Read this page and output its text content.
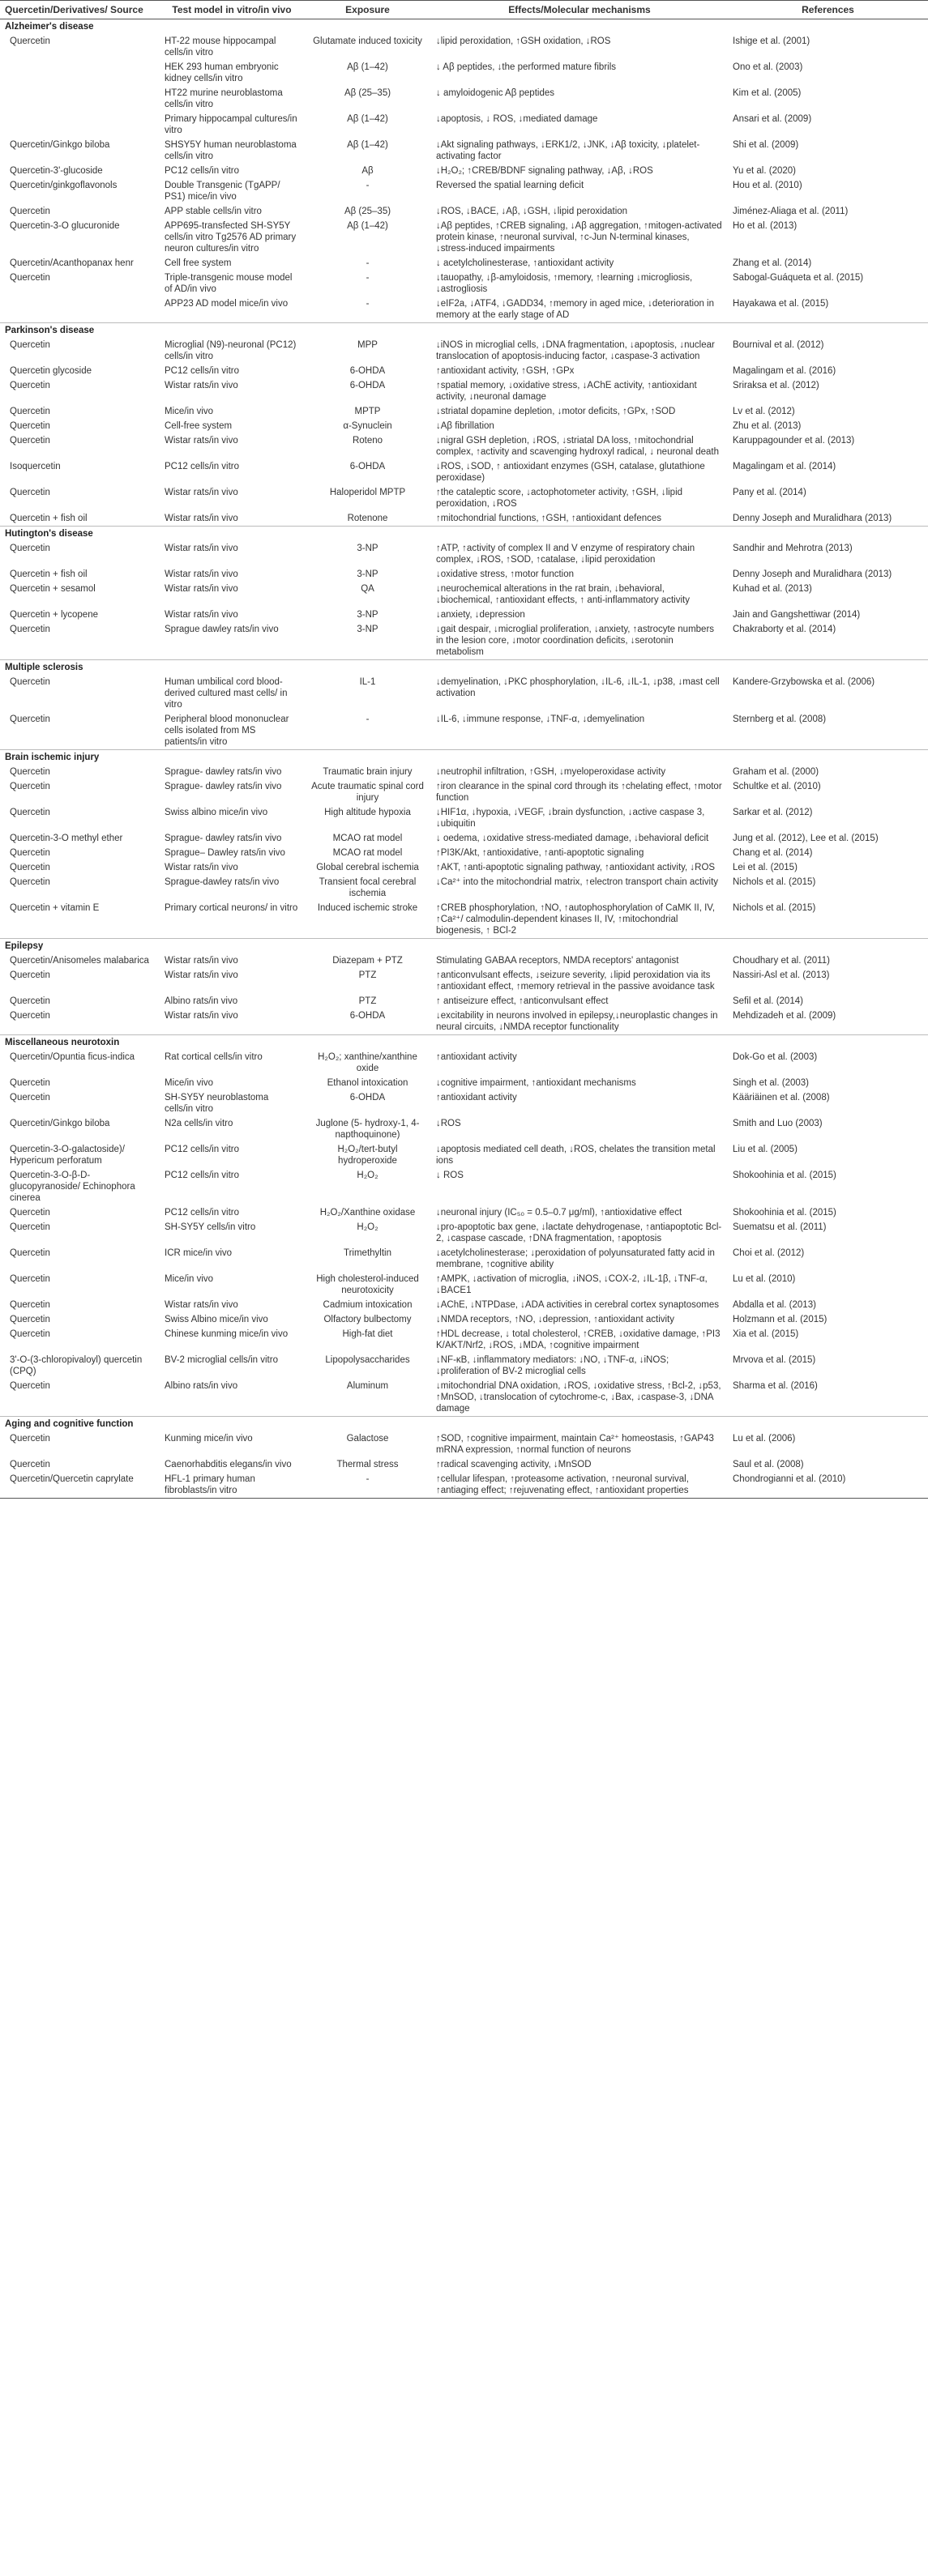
Quercetin/Derivatives/ Source	Test model in vitro/in vivo	Exposure	Effects/Molecular mechanisms	References
Alzheimer's disease				
Quercetin	HT-22 mouse hippocampal cells/in vitro	Glutamate induced toxicity	↓lipid peroxidation, ↑GSH oxidation, ↓ROS	Ishige et al. (2001)
	HEK 293 human embryonic kidney cells/in vitro	Aβ (1–42)	↓ Aβ peptides, ↓the performed mature fibrils	Ono et al. (2003)
	HT22 murine neuroblastoma cells/in vitro	Aβ (25–35)	↓ amyloidogenic Aβ peptides	Kim et al. (2005)
	Primary hippocampal cultures/in vitro	Aβ (1–42)	↓apoptosis, ↓ ROS, ↓mediated damage	Ansari et al. (2009)
Quercetin/Ginkgo biloba	SHSY5Y human neuroblastoma cells/in vitro	Aβ (1–42)	↓Akt signaling pathways, ↓ERK1/2, ↓JNK, ↓Aβ toxicity, ↓platelet-activating factor	Shi et al. (2009)
Quercetin-3'-glucoside	PC12 cells/in vitro	Aβ	↓H₂O₂; ↑CREB/BDNF signaling pathway, ↓Aβ, ↓ROS	Yu et al. (2020)
Quercetin/ginkgoflavonols	Double Transgenic (TgAPP/ PS1) mice/in vivo	-	Reversed the spatial learning deficit	Hou et al. (2010)
Quercetin	APP stable cells/in vitro	Aβ (25–35)	↓ROS, ↓BACE, ↓Aβ, ↓GSH, ↓lipid peroxidation	Jiménez-Aliaga et al. (2011)
Quercetin-3-O glucuronide	APP695-transfected SH-SY5Y cells/in vitro Tg2576 AD primary neuron cultures/in vitro	Aβ (1–42)	↓Aβ peptides, ↑CREB signaling, ↓Aβ aggregation, ↑mitogen-activated protein kinase, ↑neuronal survival, ↑c-Jun N-terminal kinases, ↓stress-induced impairments	Ho et al. (2013)
Quercetin/Acanthopanax henr	Cell free system	-	↓ acetylcholinesterase, ↑antioxidant activity	Zhang et al. (2014)
Quercetin	Triple-transgenic mouse model of AD/in vivo	-	↓tauopathy, ↓β-amyloidosis, ↑memory, ↑learning ↓microgliosis, ↓astrogliosis	Sabogal-Guáqueta et al. (2015)
	APP23 AD model mice/in vivo	-	↓eIF2a, ↓ATF4, ↓GADD34, ↑memory in aged mice, ↓deterioration in memory at the early stage of AD	Hayakawa et al. (2015)
Parkinson's disease				
Quercetin	Microglial (N9)-neuronal (PC12) cells/in vitro	MPP	↓iNOS in microglial cells, ↓DNA fragmentation, ↓apoptosis, ↓nuclear translocation of apoptosis-inducing factor, ↓caspase-3 activation	Bournival et al. (2012)
Quercetin glycoside	PC12 cells/in vitro	6-OHDA	↑antioxidant activity, ↑GSH, ↑GPx	Magalingam et al. (2016)
Quercetin	Wistar rats/in vivo	6-OHDA	↑spatial memory, ↓oxidative stress, ↓AChE activity, ↑antioxidant activity, ↓neuronal damage	Sriraksa et al. (2012)
Quercetin	Mice/in vivo	MPTP	↓striatal dopamine depletion, ↓motor deficits, ↑GPx, ↑SOD	Lv et al. (2012)
Quercetin	Cell-free system	α-Synuclein	↓Aβ fibrillation	Zhu et al. (2013)
Quercetin	Wistar rats/in vivo	Roteno	↓nigral GSH depletion, ↓ROS, ↓striatal DA loss, ↑mitochondrial complex, ↑activity and scavenging hydroxyl radical, ↓ neuronal death	Karuppagounder et al. (2013)
Isoquercetin	PC12 cells/in vitro	6-OHDA	↓ROS, ↓SOD, ↑ antioxidant enzymes (GSH, catalase, glutathione peroxidase)	Magalingam et al. (2014)
Quercetin	Wistar rats/in vivo	Haloperidol MPTP	↑the cataleptic score, ↓actophotometer activity, ↑GSH, ↓lipid peroxidation, ↓ROS	Pany et al. (2014)
Quercetin + fish oil	Wistar rats/in vivo	Rotenone	↑mitochondrial functions, ↑GSH, ↑antioxidant defences	Denny Joseph and Muralidhara (2013)
Hutington's disease				
Quercetin	Wistar rats/in vivo	3-NP	↑ATP, ↑activity of complex II and V enzyme of respiratory chain complex, ↓ROS, ↑SOD, ↑catalase, ↓lipid peroxidation	Sandhir and Mehrotra (2013)
Quercetin + fish oil	Wistar rats/in vivo	3-NP	↓oxidative stress, ↑motor function	Denny Joseph and Muralidhara (2013)
Quercetin + sesamol	Wistar rats/in vivo	QA	↓neurochemical alterations in the rat brain, ↓behavioral, ↓biochemical, ↑antioxidant effects, ↑ anti-inflammatory activity	Kuhad et al. (2013)
Quercetin + lycopene	Wistar rats/in vivo	3-NP	↓anxiety, ↓depression	Jain and Gangshettiwar (2014)
Quercetin	Sprague dawley rats/in vivo	3-NP	↓gait despair, ↓microglial proliferation, ↓anxiety, ↑astrocyte numbers in the lesion core, ↓motor coordination deficits, ↓serotonin metabolism	Chakraborty et al. (2014)
Multiple sclerosis				
Quercetin	Human umbilical cord blood-derived cultured mast cells/ in vitro	IL-1	↓demyelination, ↓PKC phosphorylation, ↓IL-6, ↓IL-1, ↓p38, ↓mast cell activation	Kandere-Grzybowska et al. (2006)
Quercetin	Peripheral blood mononuclear cells isolated from MS patients/in vitro	-	↓IL-6, ↓immune response, ↓TNF-α, ↓demyelination	Sternberg et al. (2008)
Brain ischemic injury				
Quercetin	Sprague- dawley rats/in vivo	Traumatic brain injury	↓neutrophil infiltration, ↑GSH, ↓myeloperoxidase activity	Graham et al. (2000)
Quercetin	Sprague- dawley rats/in vivo	Acute traumatic spinal cord injury	↑iron clearance in the spinal cord through its ↑chelating effect, ↑motor function	Schultke et al. (2010)
Quercetin	Swiss albino mice/in vivo	High altitude hypoxia	↓HIF1α, ↓hypoxia, ↓VEGF, ↓brain dysfunction, ↓active caspase 3, ↓ubiquitin	Sarkar et al. (2012)
Quercetin-3-O methyl ether	Sprague- dawley rats/in vivo	MCAO rat model	↓ oedema, ↓oxidative stress-mediated damage, ↓behavioral deficit	Jung et al. (2012), Lee et al. (2015)
Quercetin	Sprague– Dawley rats/in vivo	MCAO rat model	↑PI3K/Akt, ↑antioxidative, ↑anti-apoptotic signaling	Chang et al. (2014)
Quercetin	Wistar rats/in vivo	Global cerebral ischemia	↑AKT, ↑anti-apoptotic signaling pathway, ↑antioxidant activity, ↓ROS	Lei et al. (2015)
Quercetin	Sprague-dawley rats/in vivo	Transient focal cerebral ischemia	↓Ca²⁺ into the mitochondrial matrix, ↑electron transport chain activity	Nichols et al. (2015)
Quercetin + vitamin E	Primary cortical neurons/ in vitro	Induced ischemic stroke	↑CREB phosphorylation, ↑NO, ↑autophosphorylation of CaMK II, IV, ↑Ca²⁺/ calmodulin-dependent kinases II, IV, ↑mitochondrial biogenesis, ↑ BCl-2	Nichols et al. (2015)
Epilepsy				
Quercetin/Anisomeles malabarica	Wistar rats/in vivo	Diazepam + PTZ	Stimulating GABAA receptors, NMDA receptors' antagonist	Choudhary et al. (2011)
Quercetin	Wistar rats/in vivo	PTZ	↑anticonvulsant effects, ↓seizure severity, ↓lipid peroxidation via its ↑antioxidant effect, ↑memory retrieval in the passive avoidance task	Nassiri-Asl et al. (2013)
Quercetin	Albino rats/in vivo	PTZ	↑ antiseizure effect, ↑anticonvulsant effect	Sefil et al. (2014)
Quercetin	Wistar rats/in vivo	6-OHDA	↓excitability in neurons involved in epilepsy,↓neuroplastic changes in neural circuits, ↓NMDA receptor functionality	Mehdizadeh et al. (2009)
Miscellaneous neurotoxin				
Quercetin/Opuntia ficus-indica	Rat cortical cells/in vitro	H₂O₂; xanthine/xanthine oxide	↑antioxidant activity	Dok-Go et al. (2003)
Quercetin	Mice/in vivo	Ethanol intoxication	↓cognitive impairment, ↑antioxidant mechanisms	Singh et al. (2003)
Quercetin	SH-SY5Y neuroblastoma cells/in vitro	6-OHDA	↑antioxidant activity	Kääriäinen et al. (2008)
Quercetin/Ginkgo biloba	N2a cells/in vitro	Juglone (5- hydroxy-1, 4-napthoquinone)	↓ROS	Smith and Luo (2003)
Quercetin-3-O-galactoside)/ Hypericum perforatum	PC12 cells/in vitro	H₂O₂/tert-butyl hydroperoxide	↓apoptosis mediated cell death, ↓ROS, chelates the transition metal ions	Liu et al. (2005)
Quercetin-3-O-β-D-glucopyranoside/ Echinophora cinerea	PC12 cells/in vitro	H₂O₂	↓ ROS	Shokoohinia et al. (2015)
Quercetin	PC12 cells/in vitro	H₂O₂/Xanthine oxidase	↓neuronal injury (IC₅₀ = 0.5–0.7 μg/ml), ↑antioxidative effect	Shokoohinia et al. (2015)
Quercetin	SH-SY5Y cells/in vitro	H₂O₂	↓pro-apoptotic bax gene, ↓lactate dehydrogenase, ↑antiapoptotic Bcl-2, ↓caspase cascade, ↑DNA fragmentation, ↑apoptosis	Suematsu et al. (2011)
Quercetin	ICR mice/in vivo	Trimethyltin	↓acetylcholinesterase; ↓peroxidation of polyunsaturated fatty acid in membrane, ↑cognitive ability	Choi et al. (2012)
Quercetin	Mice/in vivo	High cholesterol-induced neurotoxicity	↑AMPK, ↓activation of microglia, ↓iNOS, ↓COX-2, ↓IL-1β, ↓TNF-α, ↓BACE1	Lu et al. (2010)
Quercetin	Wistar rats/in vivo	Cadmium intoxication	↓AChE, ↓NTPDase, ↓ADA activities in cerebral cortex synaptosomes	Abdalla et al. (2013)
Quercetin	Swiss Albino mice/in vivo	Olfactory bulbectomy	↓NMDA receptors, ↑NO, ↓depression, ↑antioxidant activity	Holzmann et al. (2015)
Quercetin	Chinese kunming mice/in vivo	High-fat diet	↑HDL decrease, ↓ total cholesterol, ↑CREB, ↓oxidative damage, ↑PI3 K/AKT/Nrf2, ↓ROS, ↓MDA, ↑cognitive impairment	Xia et al. (2015)
3'-O-(3-chloropivaloyl) quercetin (CPQ)	BV-2 microglial cells/in vitro	Lipopolysaccharides	↓NF-κB, ↓inflammatory mediators: ↓NO, ↓TNF-α, ↓iNOS; ↓proliferation of BV-2 microglial cells	Mrvova et al. (2015)
Quercetin	Albino rats/in vivo	Aluminum	↓mitochondrial DNA oxidation, ↓ROS, ↓oxidative stress, ↑Bcl-2, ↓p53, ↑MnSOD, ↓translocation of cytochrome-c, ↓Bax, ↓caspase-3, ↓DNA damage	Sharma et al. (2016)
Aging and cognitive function				
Quercetin	Kunming mice/in vivo	Galactose	↑SOD, ↑cognitive impairment, maintain Ca²⁺ homeostasis, ↑GAP43 mRNA expression, ↑normal function of neurons	Lu et al. (2006)
Quercetin	Caenorhabditis elegans/in vivo	Thermal stress	↑radical scavenging activity, ↓MnSOD	Saul et al. (2008)
Quercetin/Quercetin caprylate	HFL-1 primary human fibroblasts/in vitro	-	↑cellular lifespan, ↑proteasome activation, ↑neuronal survival, ↑antiaging effect; ↑rejuvenating effect, ↑antioxidant properties	Chondrogianni et al. (2010)
